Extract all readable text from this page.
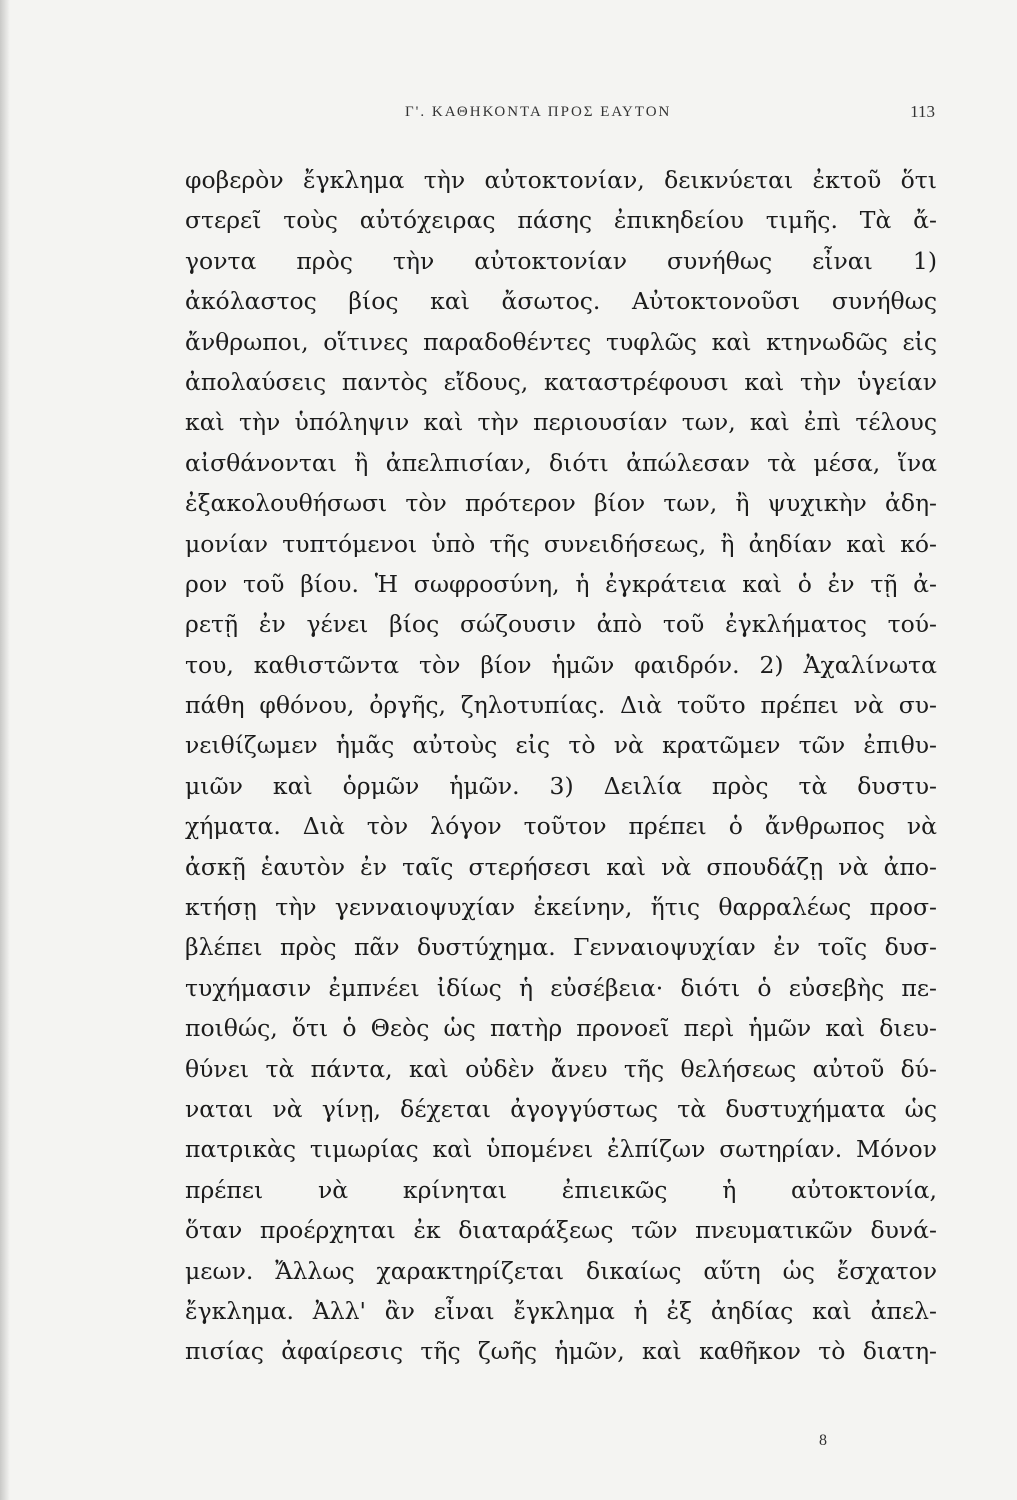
Γ'. ΚΑΘΗΚΟΝΤΑ ΠΡΟΣ ΕΑΥΤΟΝ	113
φοβερὸν ἔγκλημα τὴν αὐτοκτονίαν, δεικνύεται ἐκτοῦ ὅτι
στερεῖ τοὺς αὐτόχειρας πάσης ἐπικηδείου τιμῆς. Τὰ ἄ-
γοντα πρὸς τὴν αὐτοκτονίαν συνήθως εἶναι 1)
ἀκόλαστος βίος καὶ ἄσωτος. Αὐτοκτονοῦσι συνήθως
ἄνθρωποι, οἵτινες παραδοθέντες τυφλῶς καὶ κτηνωδῶς εἰς
ἀπολαύσεις παντὸς εἴδους, καταστρέφουσι καὶ τὴν ὑγείαν
καὶ τὴν ὑπόληψιν καὶ τὴν περιουσίαν των, καὶ ἐπὶ τέλους
αἰσθάνονται ἢ ἀπελπισίαν, διότι ἀπώλεσαν τὰ μέσα, ἵνα
ἐξακολουθήσωσι τὸν πρότερον βίον των, ἢ ψυχικὴν ἀδη-
μονίαν τυπτόμενοι ὑπὸ τῆς συνειδήσεως, ἢ ἀηδίαν καὶ κό-
ρον τοῦ βίου. Ἡ σωφροσύνη, ἡ ἐγκράτεια καὶ ὁ ἐν τῇ ἀ-
ρετῇ ἐν γένει βίος σώζουσιν ἀπὸ τοῦ ἐγκλήματος τού-
του, καθιστῶντα τὸν βίον ἡμῶν φαιδρόν. 2) Ἀχαλίνωτα
πάθη φθόνου, ὀργῆς, ζηλοτυπίας. Διὰ τοῦτο πρέπει νὰ συ-
νειθίζωμεν ἡμᾶς αὐτοὺς εἰς τὸ νὰ κρατῶμεν τῶν ἐπιθυ-
μιῶν καὶ ὁρμῶν ἡμῶν. 3) Δειλία πρὸς τὰ δυστυ-
χήματα. Διὰ τὸν λόγον τοῦτον πρέπει ὁ ἄνθρωπος νὰ
ἀσκῇ ἑαυτὸν ἐν ταῖς στερήσεσι καὶ νὰ σπουδάζῃ νὰ ἀπο-
κτήσῃ τὴν γενναιοψυχίαν ἐκείνην, ἥτις θαρραλέως προσ-
βλέπει πρὸς πᾶν δυστύχημα. Γενναιοψυχίαν ἐν τοῖς δυσ-
τυχήμασιν ἐμπνέει ἰδίως ἡ εὐσέβεια· διότι ὁ εὐσεβὴς πε-
ποιθώς, ὅτι ὁ Θεὸς ὡς πατὴρ προνοεῖ περὶ ἡμῶν καὶ διευ-
θύνει τὰ πάντα, καὶ οὐδὲν ἄνευ τῆς θελήσεως αὐτοῦ δύ-
ναται νὰ γίνῃ, δέχεται ἀγογγύστως τὰ δυστυχήματα ὡς
πατρικὰς τιμωρίας καὶ ὑπομένει ἐλπίζων σωτηρίαν. Μόνον
πρέπει νὰ κρίνηται ἐπιεικῶς ἡ αὐτοκτονία,
ὅταν προέρχηται ἐκ διαταράξεως τῶν πνευματικῶν δυνά-
μεων. Ἄλλως χαρακτηρίζεται δικαίως αὕτη ὡς ἔσχατον
ἔγκλημα. Ἀλλ' ἂν εἶναι ἔγκλημα ἡ ἐξ ἀηδίας καὶ ἀπελ-
πισίας ἀφαίρεσις τῆς ζωῆς ἡμῶν, καὶ καθῆκον τὸ διατη-
8
